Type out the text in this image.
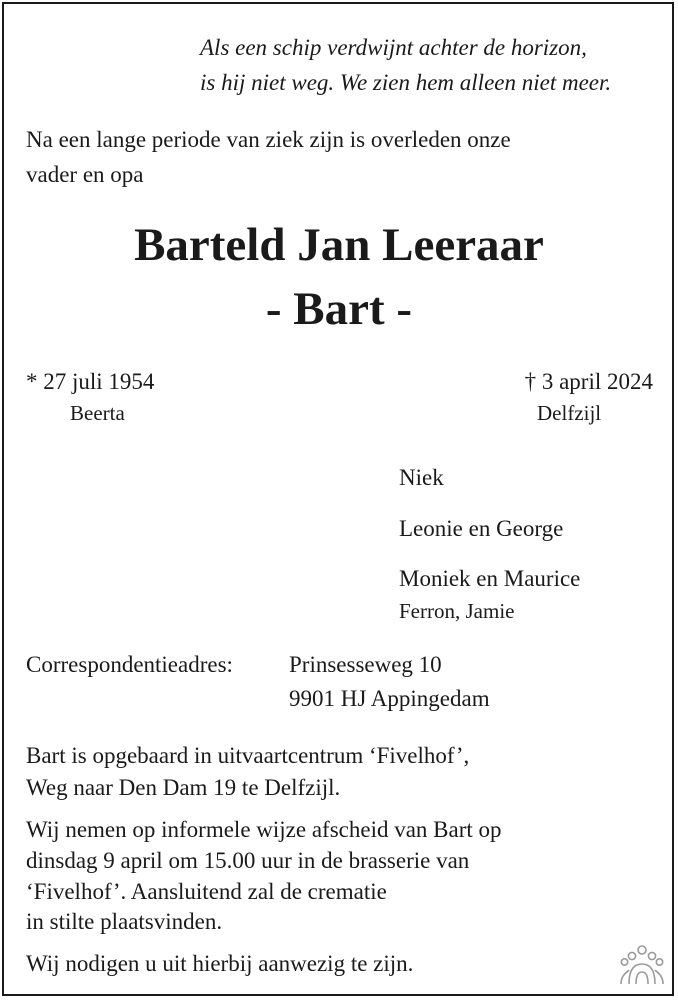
Als een schip verdwijnt achter de horizon,
is hij niet weg. We zien hem alleen niet meer.
Na een lange periode van ziek zijn is overleden onze
vader en opa
Barteld Jan Leeraar
- Bart -
* 27 juli 1954
Beerta
† 3 april 2024
Delfzijl
Niek
Leonie en George
Moniek en Maurice
Ferron, Jamie
Correspondentieadres: Prinsesseweg 10
9901 HJ Appingedam
Bart is opgebaard in uitvaartcentrum ‘Fivelhof’,
Weg naar Den Dam 19 te Delfzijl.
Wij nemen op informele wijze afscheid van Bart op
dinsdag 9 april om 15.00 uur in de brasserie van
‘Fivelhof’. Aansluitend zal de crematie
in stilte plaatsvinden.
Wij nodigen u uit hierbij aanwezig te zijn.
